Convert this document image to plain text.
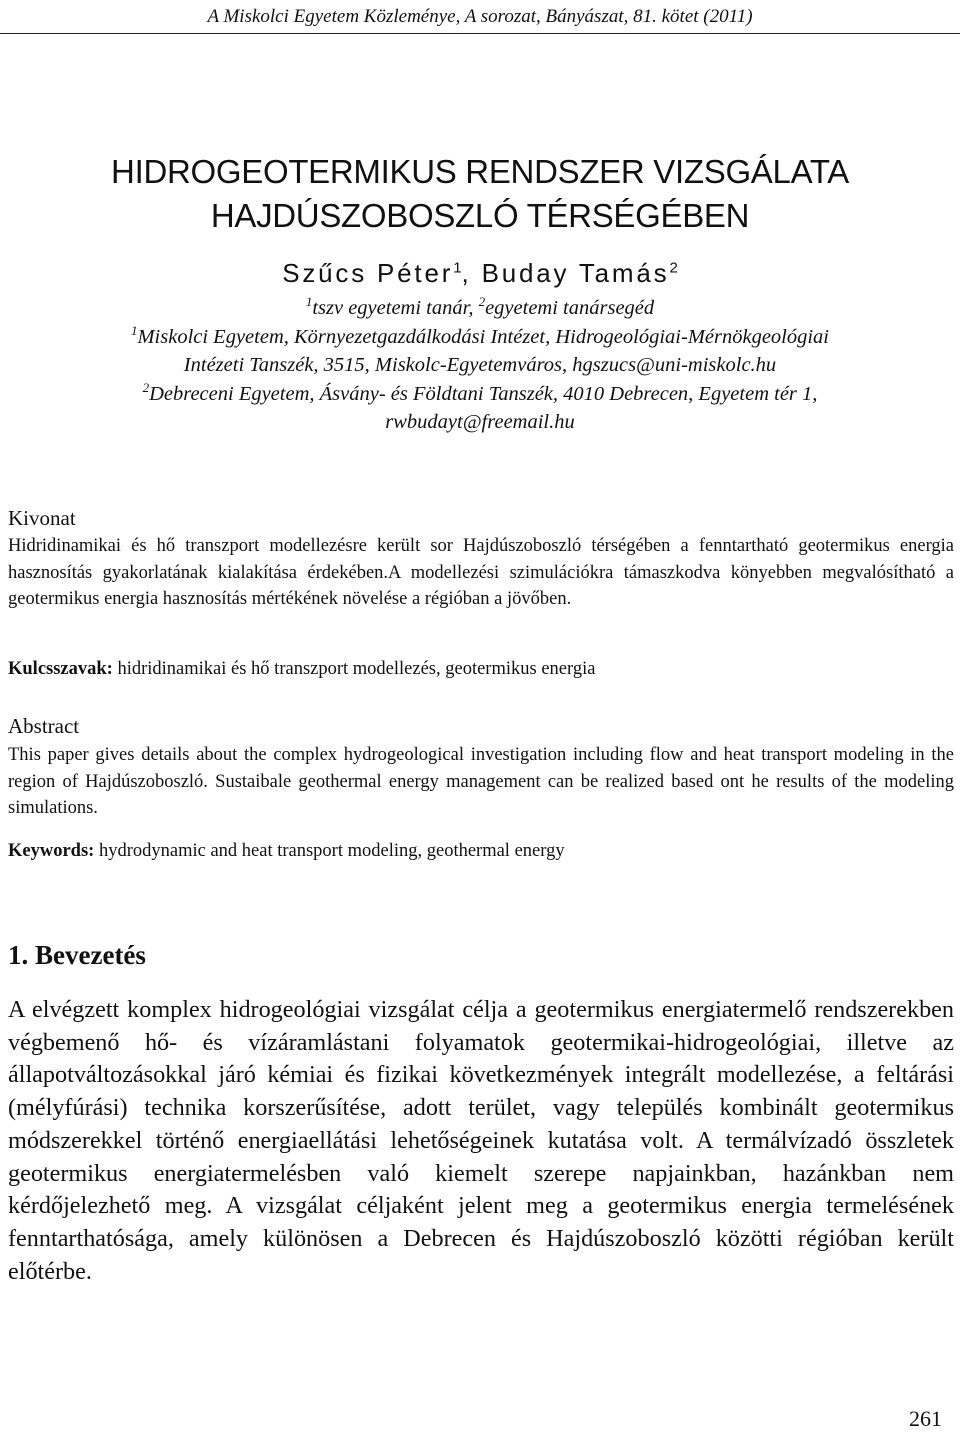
A Miskolci Egyetem Közleménye, A sorozat, Bányászat, 81. kötet (2011)
HIDROGEOTERMIKUS RENDSZER VIZSGÁLATA
HAJDÚSZOBOSZLÓ TÉRSÉGÉBEN
Szűcs Péter$^1$, Buday Tamás$^2$
$^1$tszv egyetemi tanár, $^2$egyetemi tanársegéd
$^1$Miskolci Egyetem, Környezetgazdálkodási Intézet, Hidrogeológiai-Mérnökgeológiai
Intézeti Tanszék, 3515, Miskolc-Egyetemváros, hgszucs@uni-miskolc.hu
$^2$Debreceni Egyetem, Ásvány- és Földtani Tanszék, 4010 Debrecen, Egyetem tér 1,
rwbudayt@freemail.hu
Kivonat
Hidridinamikai és hő transzport modellezésre került sor Hajdúszoboszló térségében a fenntartható geotermikus energia hasznosítás gyakorlatának kialakítása érdekében.A modellezési szimulációkra támaszkodva könyebben megvalósítható a geotermikus energia hasznosítás mértékének növelése a régióban a jövőben.
Kulcsszavak: hidridinamikai és hő transzport modellezés, geotermikus energia
Abstract
This paper gives details about the complex hydrogeological investigation including flow and heat transport modeling in the region of Hajdúszoboszló. Sustaibale geothermal energy management can be realized based ont he results of the modeling simulations.
Keywords: hydrodynamic and heat transport modeling, geothermal energy
1. Bevezetés
A elvégzett komplex hidrogeológiai vizsgálat célja a geotermikus energiatermelő rendszerekben végbemenő hő- és vízáramlástani folyamatok geotermikai-hidrogeológiai, illetve az állapotváltozásokkal járó kémiai és fizikai következmények integrált modellezése, a feltárási (mélyfúrási) technika korszerűsítése, adott terület, vagy település kombinált geotermikus módszerekkel történő energiaellátási lehetőségeinek kutatása volt. A termálvízadó összletek geotermikus energiatermelésben való kiemelt szerepe napjainkban, hazánkban nem kérdőjelezhető meg. A vizsgálat céljaként jelent meg a geotermikus energia termelésének fenntarthatósága, amely különösen a Debrecen és Hajdúszoboszló közötti régióban került előtérbe.
261
